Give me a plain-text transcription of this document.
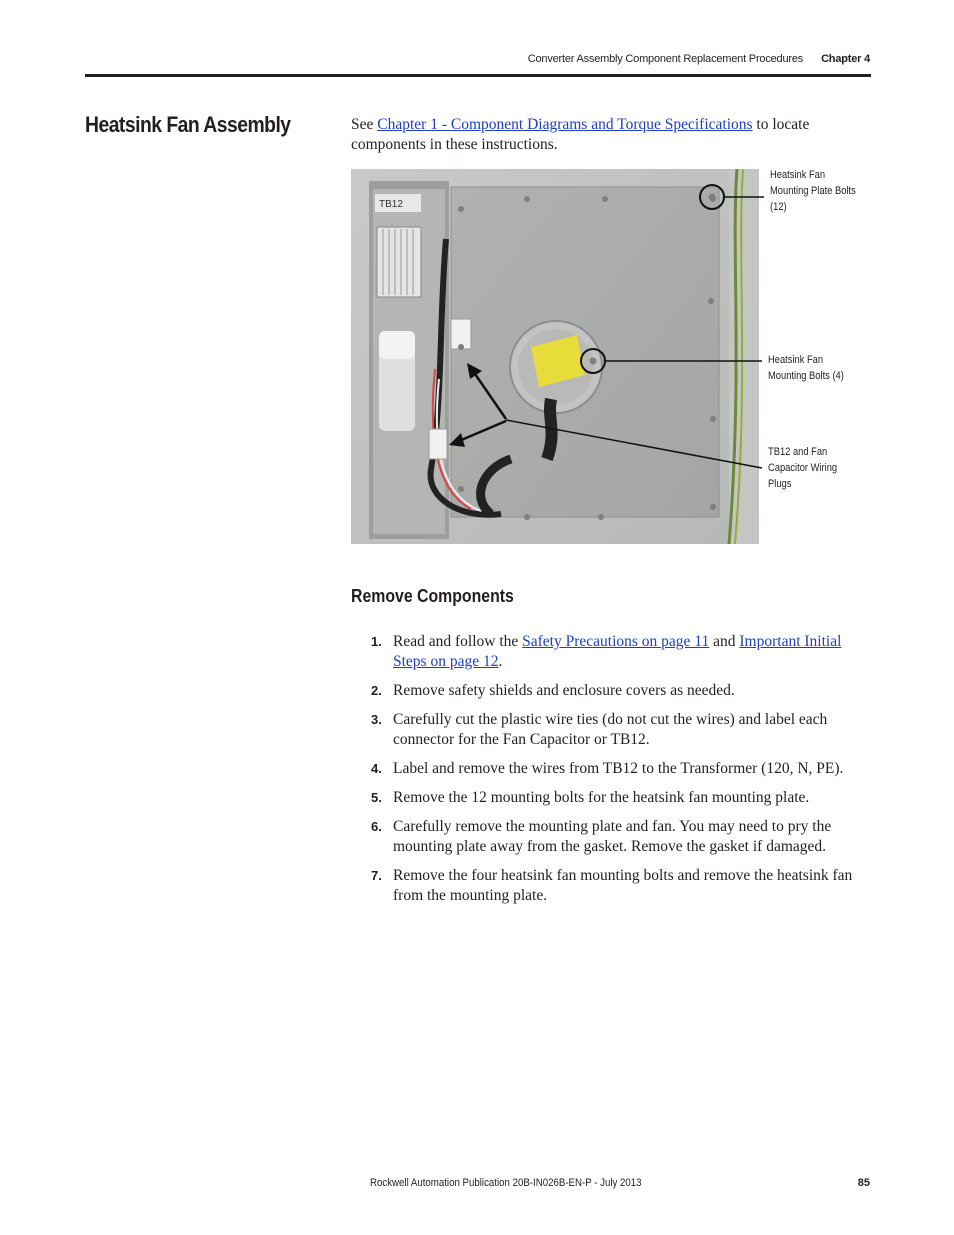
Converter Assembly Component Replacement Procedures Chapter 4
Heatsink Fan Assembly	See Chapter 1 - Component Diagrams and Torque Specifications to locate components in these instructions.
TB12
Heatsink Fan
Mounting Plate Bolts
(12)
Heatsink Fan
Mounting Bolts (4)
TB12 and Fan
Capacitor Wiring
Plugs
Remove Components
1. Read and follow the Safety Precautions on page 11 and Important Initial Steps on page 12.
2. Remove safety shields and enclosure covers as needed.
3. Carefully cut the plastic wire ties (do not cut the wires) and label each connector for the Fan Capacitor or TB12.
4. Label and remove the wires from TB12 to the Transformer (120, N, PE).
5. Remove the 12 mounting bolts for the heatsink fan mounting plate.
6. Carefully remove the mounting plate and fan. You may need to pry the mounting plate away from the gasket. Remove the gasket if damaged.
7. Remove the four heatsink fan mounting bolts and remove the heatsink fan from the mounting plate.
Rockwell Automation Publication 20B-IN026B-EN-P - July 2013	85
